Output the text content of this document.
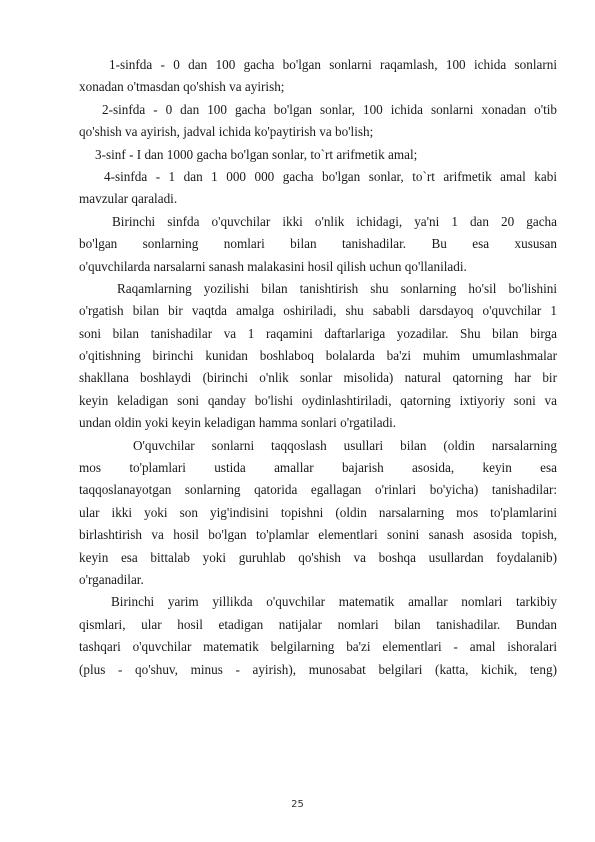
1-sinfda - 0 dan 100 gacha bo'lgan sonlarni raqamlash, 100 ichida sonlarni
xonadan o'tmasdan qo'shish va ayirish;
2-sinfda - 0 dan 100 gacha bo'lgan sonlar, 100 ichida sonlarni xonadan o'tib
qo'shish va ayirish, jadval ichida ko'paytirish va bo'lish;
3-sinf - I dan 1000 gacha bo'lgan sonlar, to`rt arifmetik amal;
4-sinfda - 1 dan 1 000 000 gacha bo'lgan sonlar, to`rt arifmetik amal kabi
mavzular qaraladi.
Birinchi sinfda o'quvchilar ikki o'nlik ichidagi, ya'ni 1 dan 20 gacha
bo'lgan sonlarning nomlari bilan tanishadilar. Bu esa xususan
o'quvchilarda narsalarni sanash malakasini hosil qilish uchun qo'llaniladi.
Raqamlarning yozilishi bilan tanishtirish shu sonlarning ho'sil bo'lishini
o'rgatish bilan bir vaqtda amalga oshiriladi, shu sababli darsdayoq o'quvchilar 1
soni bilan tanishadilar va 1 raqamini daftarlariga yozadilar. Shu bilan birga
o'qitishning birinchi kunidan boshlaboq bolalarda ba'zi muhim umumlashmalar
shakllana boshlaydi (birinchi o'nlik sonlar misolida) natural qatorning har bir
keyin keladigan soni qanday bo'lishi oydinlashtiriladi, qatorning ixtiyoriy soni va
undan oldin yoki keyin keladigan hamma sonlari o'rgatiladi.
O'quvchilar sonlarni taqqoslash usullari bilan (oldin narsalarning
mos to'plamlari ustida amallar bajarish asosida, keyin esa
taqqoslanayotgan sonlarning qatorida egallagan o'rinlari bo'yicha) tanishadilar:
ular ikki yoki son yig'indisini topishni (oldin narsalarning mos to'plamlarini
birlashtirish va hosil bo'lgan to'plamlar elementlari sonini sanash asosida topish,
keyin esa bittalab yoki guruhlab qo'shish va boshqa usullardan foydalanib)
o'rganadilar.
Birinchi yarim yillikda o'quvchilar matematik amallar nomlari tarkibiy
qismlari, ular hosil etadigan natijalar nomlari bilan tanishadilar. Bundan
tashqari o'quvchilar matematik belgilarning ba'zi elementlari - amal ishoralari
(plus - qo'shuv, minus - ayirish), munosabat belgilari (katta, kichik, teng)
25
